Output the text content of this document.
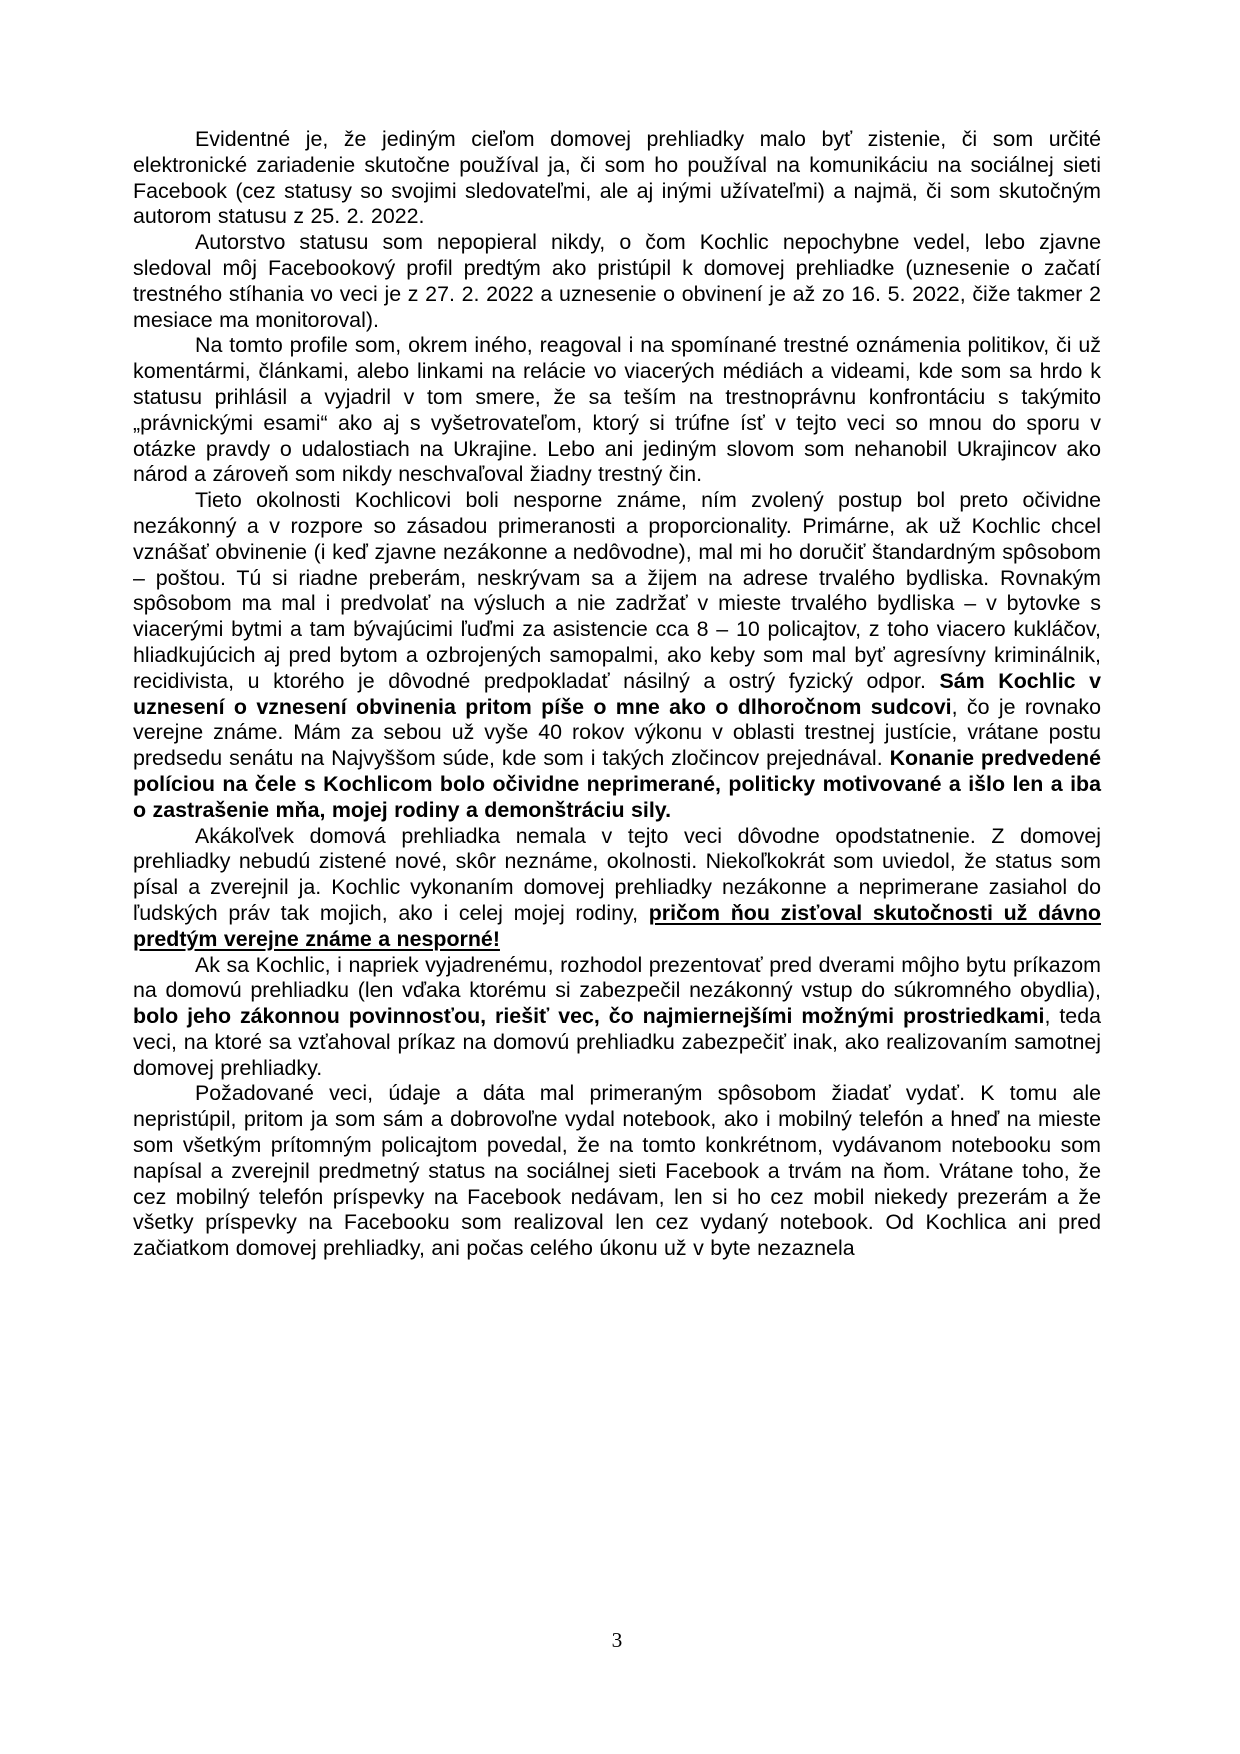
Evidentné je, že jediným cieľom domovej prehliadky malo byť zistenie, či som určité elektronické zariadenie skutočne používal ja, či som ho používal na komunikáciu na sociálnej sieti Facebook (cez statusy so svojimi sledovateľmi, ale aj inými užívateľmi) a najmä, či som skutočným autorom statusu z 25. 2. 2022.

Autorstvo statusu som nepopieral nikdy, o čom Kochlic nepochybne vedel, lebo zjavne sledoval môj Facebookový profil predtým ako pristúpil k domovej prehliadke (uznesenie o začatí trestného stíhania vo veci je z 27. 2. 2022 a uznesenie o obvinení je až zo 16. 5. 2022, čiže takmer 2 mesiace ma monitoroval).

Na tomto profile som, okrem iného, reagoval i na spomínané trestné oznámenia politikov, či už komentármi, článkami, alebo linkami na relácie vo viacerých médiách a videami, kde som sa hrdo k statusu prihlásil a vyjadril v tom smere, že sa teším na trestnoprávnu konfrontáciu s takýmito „právnickými esami“ ako aj s vyšetrovateľom, ktorý si trúfne ísť v tejto veci so mnou do sporu v otázke pravdy o udalostiach na Ukrajine. Lebo ani jediným slovom som nehanobil Ukrajincov ako národ a zároveň som nikdy neschvaľoval žiadny trestný čin.

Tieto okolnosti Kochlicovi boli nesporne známe, ním zvolený postup bol preto očividne nezákonný a v rozpore so zásadou primeranosti a proporcionality. Primárne, ak už Kochlic chcel vznášať obvinenie (i keď zjavne nezákonne a nedôvodne), mal mi ho doručiť štandardným spôsobom – poštou. Tú si riadne preberám, neskrývam sa a žijem na adrese trvalého bydliska. Rovnakým spôsobom ma mal i predvolať na výsluch a nie zadržať v mieste trvalého bydliska – v bytovke s viacerými bytmi a tam bývajúcimi ľuďmi za asistencie cca 8 – 10 policajtov, z toho viacero kukláčov, hliadkujúcich aj pred bytom a ozbrojených samopalmi, ako keby som mal byť agresívny kriminálnik, recidivista, u ktorého je dôvodné predpokladať násilný a ostrý fyzický odpor. Sám Kochlic v uznesení o vznesení obvinenia pritom píše o mne ako o dlhoročnom sudcovi, čo je rovnako verejne známe. Mám za sebou už vyše 40 rokov výkonu v oblasti trestnej justície, vrátane postu predsedu senátu na Najvyššom súde, kde som i takých zločincov prejednával. Konanie predvedené políciou na čele s Kochlicom bolo očividne neprimerané, politicky motivované a išlo len a iba o zastrašenie mňa, mojej rodiny a demonštráciu sily.

Akákoľvek domová prehliadka nemala v tejto veci dôvodne opodstatnenie. Z domovej prehliadky nebudú zistené nové, skôr neznáme, okolnosti. Niekoľkokrát som uviedol, že status som písal a zverejnil ja. Kochlic vykonaním domovej prehliadky nezákonne a neprimerane zasiahol do ľudských práv tak mojich, ako i celej mojej rodiny, pričom ňou zisťoval skutočnosti už dávno predtým verejne známe a nesporné!

Ak sa Kochlic, i napriek vyjadrenému, rozhodol prezentovať pred dverami môjho bytu príkazom na domovú prehliadku (len vďaka ktorému si zabezpečil nezákonný vstup do súkromného obydlia), bolo jeho zákonnou povinnosťou, riešiť vec, čo najmiernejšími možnými prostriedkami, teda veci, na ktoré sa vzťahoval príkaz na domovú prehliadku zabezpečiť inak, ako realizovaním samotnej domovej prehliadky.

Požadované veci, údaje a dáta mal primeraným spôsobom žiadať vydať. K tomu ale nepristúpil, pritom ja som sám a dobrovoľne vydal notebook, ako i mobilný telefón a hneď na mieste som všetkým prítomným policajtom povedal, že na tomto konkrétnom, vydávanom notebooku som napísal a zverejnil predmetný status na sociálnej sieti Facebook a trvám na ňom. Vrátane toho, že cez mobilný telefón príspevky na Facebook nedávam, len si ho cez mobil niekedy prezerám a že všetky príspevky na Facebooku som realizoval len cez vydaný notebook. Od Kochlica ani pred začiatkom domovej prehliadky, ani počas celého úkonu už v byte nezaznela

3
